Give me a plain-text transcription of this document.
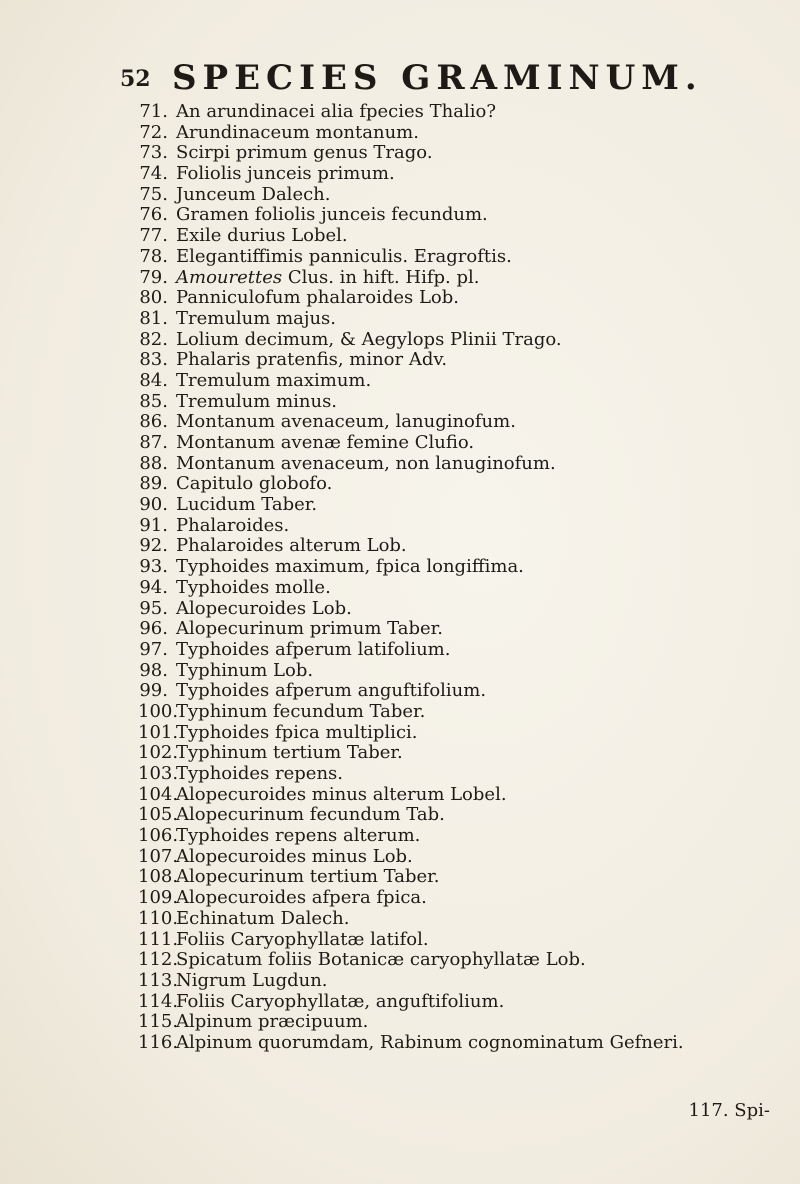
52 SPECIES GRAMINUM.
71. An arundinacei alia fpecies Thalio?
72. Arundinaceum montanum.
73. Scirpi primum genus Trago.
74. Foliolis junceis primum.
75. Junceum Dalech.
76. Gramen foliolis junceis fecundum.
77. Exile durius Lobel.
78. Elegantiffimis panniculis. Eragroftis.
79. Amourettes Clus. in hift. Hifp. pl.
80. Panniculofum phalaroides Lob.
81. Tremulum majus.
82. Lolium decimum, & Aegylops Plinii Trago.
83. Phalaris pratenfis, minor Adv.
84. Tremulum maximum.
85. Tremulum minus.
86. Montanum avenaceum, lanuginofum.
87. Montanum avenæ femine Clufio.
88. Montanum avenaceum, non lanuginofum.
89. Capitulo globofo.
90. Lucidum Taber.
91. Phalaroides.
92. Phalaroides alterum Lob.
93. Typhoides maximum, fpica longiffima.
94. Typhoides molle.
95. Alopecuroides Lob.
96. Alopecurinum primum Taber.
97. Typhoides afperum latifolium.
98. Typhinum Lob.
99. Typhoides afperum anguftifolium.
100.Typhinum fecundum Taber.
101.Typhoides fpica multiplici.
102.Typhinum tertium Taber.
103.Typhoides repens.
104.Alopecuroides minus alterum Lobel.
105.Alopecurinum fecundum Tab.
106.Typhoides repens alterum.
107.Alopecuroides minus Lob.
108.Alopecurinum tertium Taber.
109.Alopecuroides afpera fpica.
110.Echinatum Dalech.
111.Foliis Caryophyllatæ latifol.
112.Spicatum foliis Botanicæ caryophyllatæ Lob.
113.Nigrum Lugdun.
114.Foliis Caryophyllatæ, anguftifolium.
115.Alpinum præcipuum.
116.Alpinum quorumdam, Rabinum cognominatum Gefneri.
117. Spi-
